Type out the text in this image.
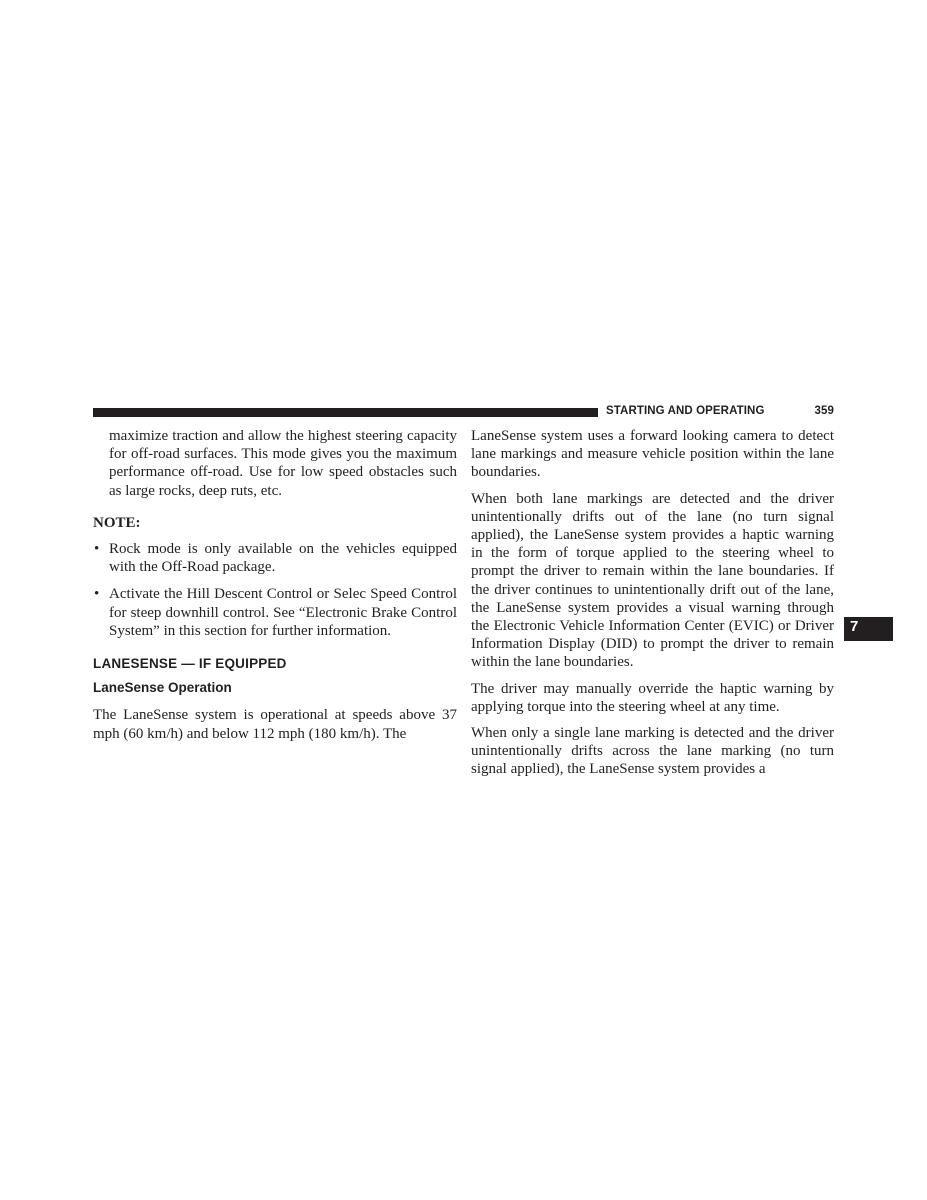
STARTING AND OPERATING	359
7

maximize traction and allow the highest steering capacity for off-road surfaces. This mode gives you the maximum performance off-road. Use for low speed obstacles such as large rocks, deep ruts, etc.

NOTE:
• Rock mode is only available on the vehicles equipped with the Off-Road package.
• Activate the Hill Descent Control or Selec Speed Control for steep downhill control. See “Electronic Brake Control System” in this section for further information.
LANESENSE — IF EQUIPPED
LaneSense Operation

The LaneSense system is operational at speeds above 37 mph (60 km/h) and below 112 mph (180 km/h). The

LaneSense system uses a forward looking camera to detect lane markings and measure vehicle position within the lane boundaries.

When both lane markings are detected and the driver unintentionally drifts out of the lane (no turn signal applied), the LaneSense system provides a haptic warning in the form of torque applied to the steering wheel to prompt the driver to remain within the lane boundaries. If the driver continues to unintentionally drift out of the lane, the LaneSense system provides a visual warning through the Electronic Vehicle Information Center (EVIC) or Driver Information Display (DID) to prompt the driver to remain within the lane boundaries.

The driver may manually override the haptic warning by applying torque into the steering wheel at any time.

When only a single lane marking is detected and the driver unintentionally drifts across the lane marking (no turn signal applied), the LaneSense system provides a
